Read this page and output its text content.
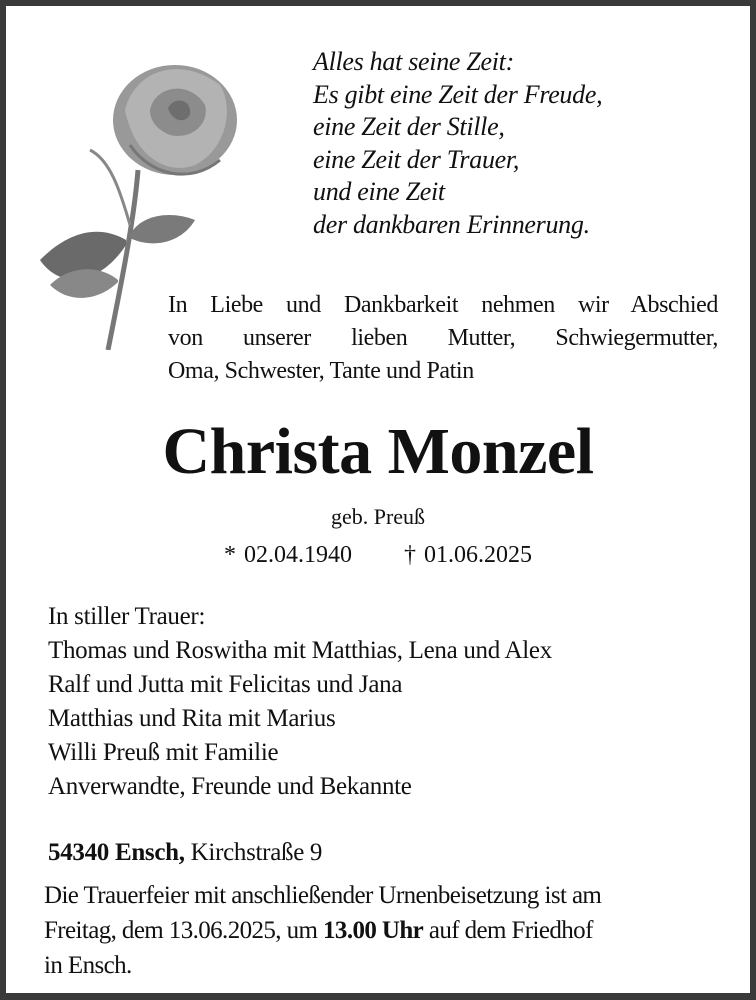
Alles hat seine Zeit:
Es gibt eine Zeit der Freude,
eine Zeit der Stille,
eine Zeit der Trauer,
und eine Zeit
der dankbaren Erinnerung.
In Liebe und Dankbarkeit nehmen wir Abschied
von unserer lieben Mutter, Schwiegermutter,
Oma, Schwester, Tante und Patin
Christa Monzel
geb. Preuß
* 02.04.1940 † 01.06.2025
In stiller Trauer:
Thomas und Roswitha mit Matthias, Lena und Alex
Ralf und Jutta mit Felicitas und Jana
Matthias und Rita mit Marius
Willi Preuß mit Familie
Anverwandte, Freunde und Bekannte
54340 Ensch, Kirchstraße 9
Die Trauerfeier mit anschließender Urnenbeisetzung ist am
Freitag, dem 13.06.2025, um 13.00 Uhr auf dem Friedhof
in Ensch.
